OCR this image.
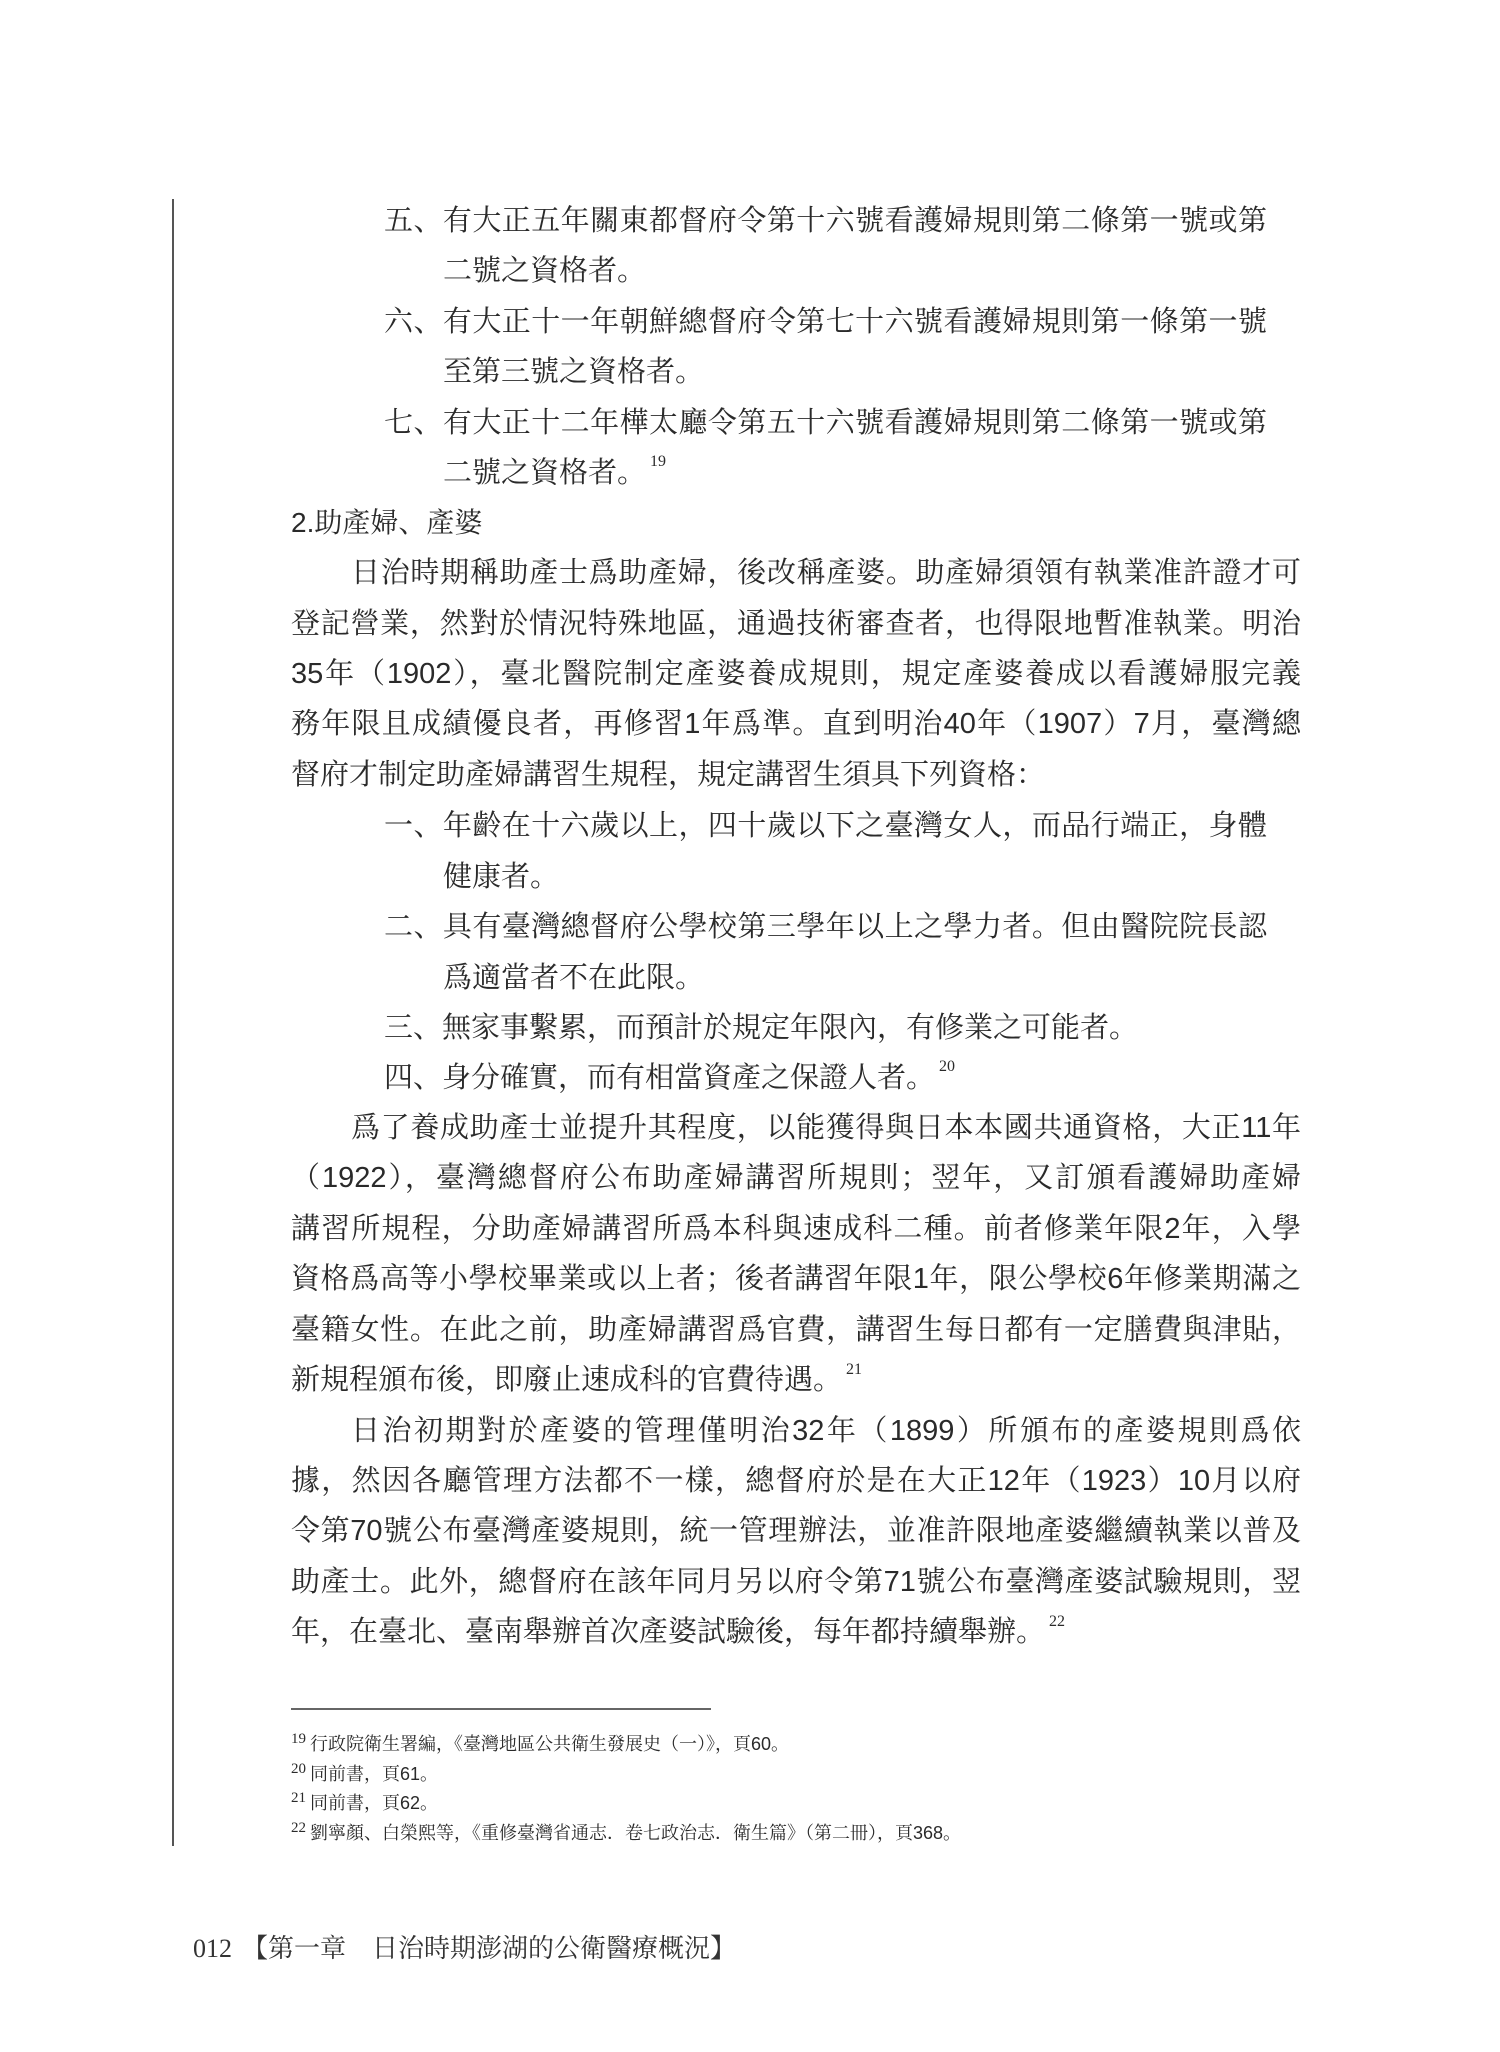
五、有大正五年關東都督府令第十六號看護婦規則第二條第一號或第
二號之資格者。
六、有大正十一年朝鮮總督府令第七十六號看護婦規則第一條第一號
至第三號之資格者。
七、有大正十二年樺太廳令第五十六號看護婦規則第二條第一號或第
二號之資格者。 $^{19}$
2.助產婦、產婆
日治時期稱助產士爲助產婦，後改稱產婆。助產婦須領有執業准許證才可
登記營業，然對於情況特殊地區，通過技術審查者，也得限地暫准執業。明治
35年（1902），臺北醫院制定產婆養成規則，規定產婆養成以看護婦服完義
務年限且成績優良者，再修習1年爲準。直到明治40年（1907）7月，臺灣總
督府才制定助產婦講習生規程，規定講習生須具下列資格：
一、年齡在十六歲以上，四十歲以下之臺灣女人，而品行端正，身體
健康者。
二、具有臺灣總督府公學校第三學年以上之學力者。但由醫院院長認
爲適當者不在此限。
三、無家事繫累，而預計於規定年限內，有修業之可能者。
四、身分確實，而有相當資產之保證人者。 $^{20}$
爲了養成助產士並提升其程度，以能獲得與日本本國共通資格，大正11年
（1922），臺灣總督府公布助產婦講習所規則；翌年，又訂頒看護婦助產婦
講習所規程，分助產婦講習所爲本科與速成科二種。前者修業年限2年，入學
資格爲高等小學校畢業或以上者；後者講習年限1年，限公學校6年修業期滿之
臺籍女性。在此之前，助產婦講習爲官費，講習生每日都有一定膳費與津貼，
新規程頒布後，即廢止速成科的官費待遇。 $^{21}$
日治初期對於產婆的管理僅明治32年（1899）所頒布的產婆規則爲依
據，然因各廳管理方法都不一樣，總督府於是在大正12年（1923）10月以府
令第70號公布臺灣產婆規則，統一管理辦法，並准許限地產婆繼續執業以普及
助產士。此外，總督府在該年同月另以府令第71號公布臺灣產婆試驗規則，翌
年，在臺北、臺南舉辦首次產婆試驗後，每年都持續舉辦。 $^{22}$
$^{19}$ 行政院衛生署編，《臺灣地區公共衛生發展史（一）》，頁60。
$^{20}$ 同前書，頁61。
$^{21}$ 同前書，頁62。
$^{22}$ 劉寧顏、白榮熙等，《重修臺灣省通志．卷七政治志．衛生篇》（第二冊），頁368。
012 【第一章　日治時期澎湖的公衛醫療概況】
